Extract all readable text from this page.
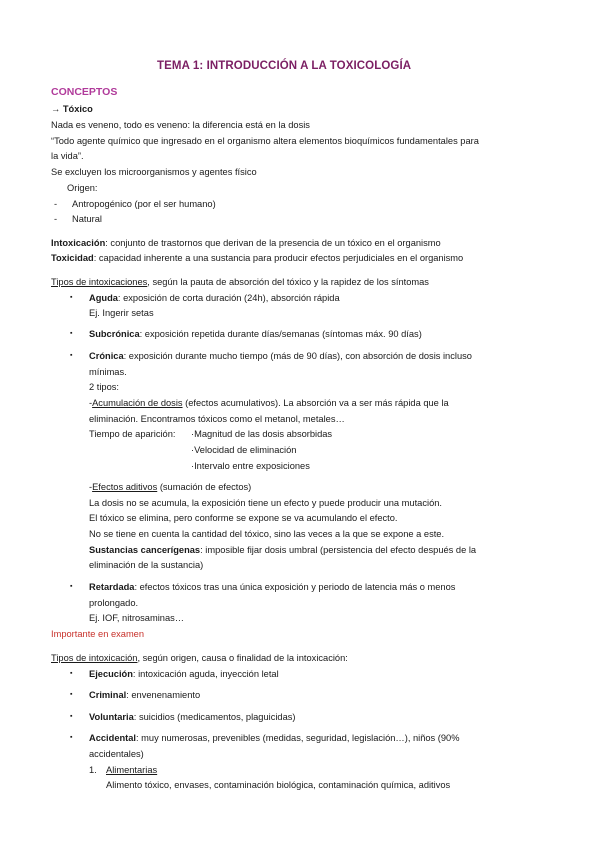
TEMA 1: INTRODUCCIÓN A LA TOXICOLOGÍA
CONCEPTOS
→ Tóxico
Nada es veneno, todo es veneno: la diferencia está en la dosis
“Todo agente químico que ingresado en el organismo altera elementos bioquímicos fundamentales para
la vida”.
Se excluyen los microorganismos y agentes físico
Origen:
- Antropogénico (por el ser humano)
- Natural
Intoxicación: conjunto de trastornos que derivan de la presencia de un tóxico en el organismo
Toxicidad: capacidad inherente a una sustancia para producir efectos perjudiciales en el organismo
Tipos de intoxicaciones, según la pauta de absorción del tóxico y la rapidez de los síntomas
▪ Aguda: exposición de corta duración (24h), absorción rápida
Ej. Ingerir setas
▪ Subcrónica: exposición repetida durante días/semanas (síntomas máx. 90 días)
▪ Crónica: exposición durante mucho tiempo (más de 90 días), con absorción de dosis incluso
mínimas.
2 tipos:
-Acumulación de dosis (efectos acumulativos). La absorción va a ser más rápida que la
eliminación. Encontramos tóxicos como el metanol, metales…
Tiempo de aparición: ·Magnitud de las dosis absorbidas
·Velocidad de eliminación
·Intervalo entre exposiciones
-Efectos aditivos (sumación de efectos)
La dosis no se acumula, la exposición tiene un efecto y puede producir una mutación.
El tóxico se elimina, pero conforme se expone se va acumulando el efecto.
No se tiene en cuenta la cantidad del tóxico, sino las veces a la que se expone a este.
Sustancias cancerígenas: imposible fijar dosis umbral (persistencia del efecto después de la
eliminación de la sustancia)
▪ Retardada: efectos tóxicos tras una única exposición y periodo de latencia más o menos
prolongado.
Ej. IOF, nitrosaminas…
Importante en examen
Tipos de intoxicación, según origen, causa o finalidad de la intoxicación:
▪ Ejecución: intoxicación aguda, inyección letal
▪ Criminal: envenenamiento
▪ Voluntaria: suicidios (medicamentos, plaguicidas)
▪ Accidental: muy numerosas, prevenibles (medidas, seguridad, legislación…), niños (90%
accidentales)
1. Alimentarias
Alimento tóxico, envases, contaminación biológica, contaminación química, aditivos
